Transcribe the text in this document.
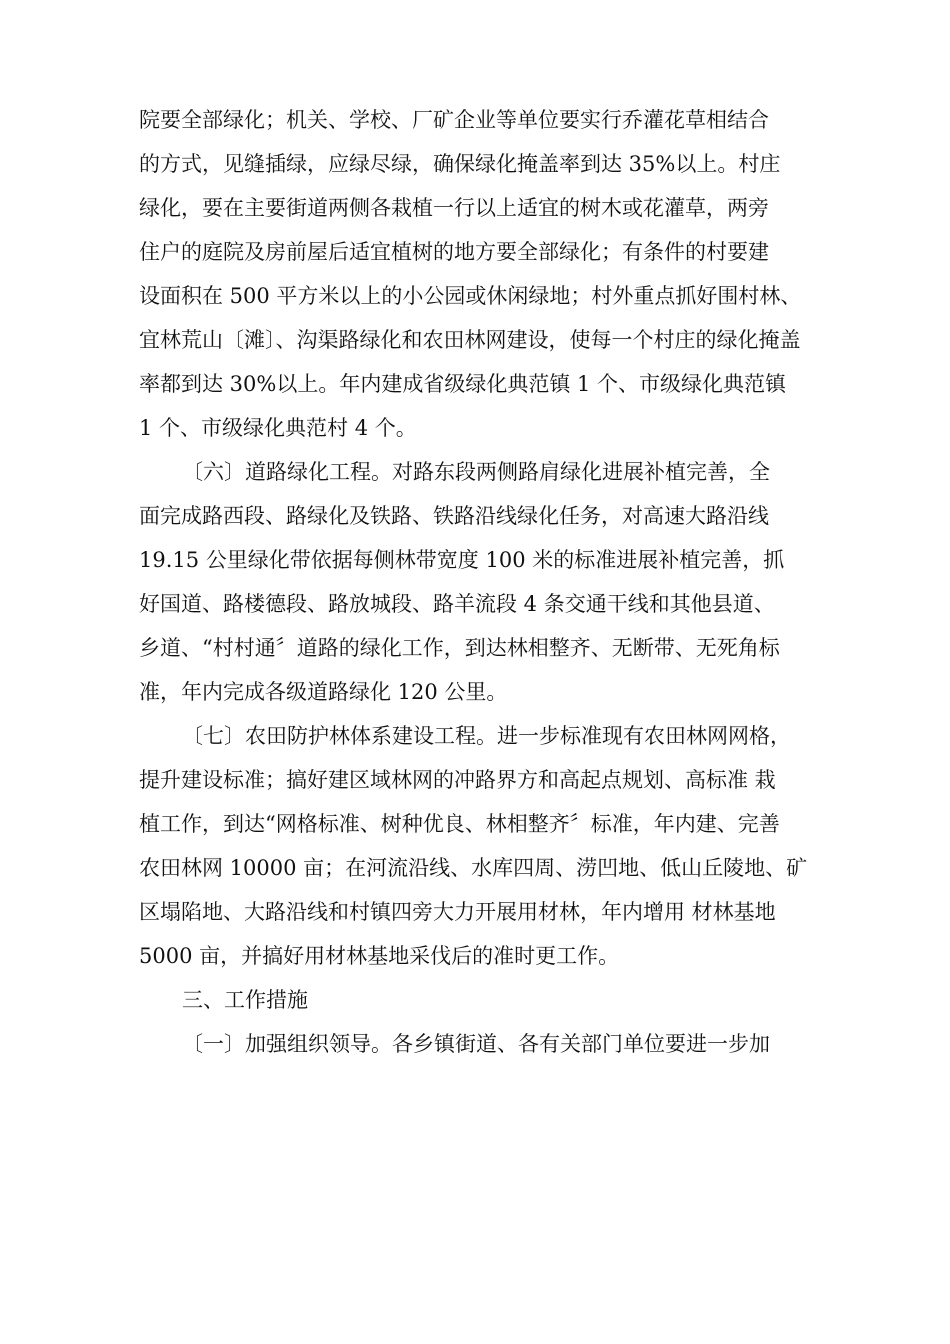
院要全部绿化；机关、学校、厂矿企业等单位要实行乔灌花草相结合
的方式，见缝插绿，应绿尽绿，确保绿化掩盖率到达 35%以上。村庄
绿化，要在主要街道两侧各栽植一行以上适宜的树木或花灌草，两旁
住户的庭院及房前屋后适宜植树的地方要全部绿化；有条件的村要建
设面积在 500 平方米以上的小公园或休闲绿地；村外重点抓好围村林、
宜林荒山〔滩〕、沟渠路绿化和农田林网建设，使每一个村庄的绿化掩盖
率都到达 30%以上。年内建成省级绿化典范镇 1 个、市级绿化典范镇
1 个、市级绿化典范村 4 个。
〔六〕道路绿化工程。对路东段两侧路肩绿化进展补植完善，全
面完成路西段、路绿化及铁路、铁路沿线绿化任务，对高速大路沿线
19.15 公里绿化带依据每侧林带宽度 100 米的标准进展补植完善，抓
好国道、路楼德段、路放城段、路羊流段 4 条交通干线和其他县道、
乡道、“村村通〞道路的绿化工作，到达林相整齐、无断带、无死角标
准，年内完成各级道路绿化 120 公里。
〔七〕农田防护林体系建设工程。进一步标准现有农田林网网格，
提升建设标准；搞好建区域林网的冲路界方和高起点规划、高标准 栽
植工作，到达“网格标准、树种优良、林相整齐〞标准，年内建、完善
农田林网 10000 亩；在河流沿线、水库四周、涝凹地、低山丘陵地、矿
区塌陷地、大路沿线和村镇四旁大力开展用材林，年内增用 材林基地
5000 亩，并搞好用材林基地采伐后的准时更工作。
三、工作措施
〔一〕加强组织领导。各乡镇街道、各有关部门单位要进一步加
